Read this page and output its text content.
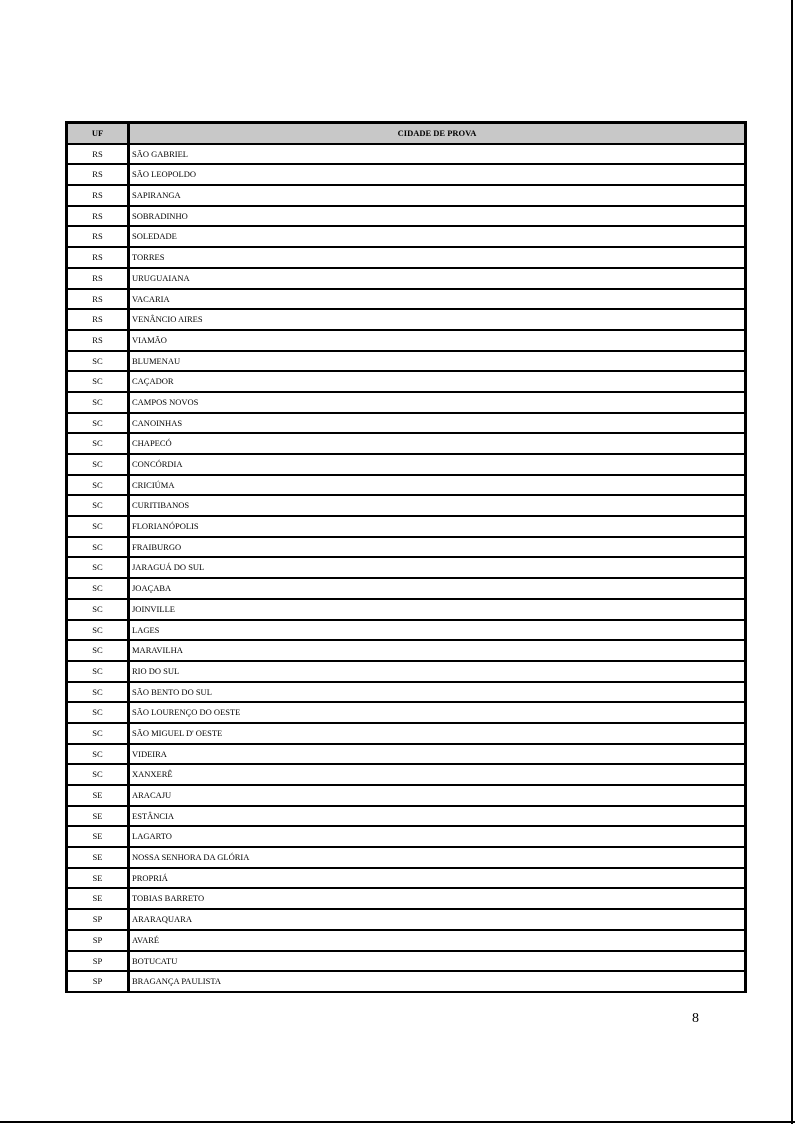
UF	CIDADE DE PROVA
RS	SÃO GABRIEL
RS	SÃO LEOPOLDO
RS	SAPIRANGA
RS	SOBRADINHO
RS	SOLEDADE
RS	TORRES
RS	URUGUAIANA
RS	VACARIA
RS	VENÂNCIO AIRES
RS	VIAMÃO
SC	BLUMENAU
SC	CAÇADOR
SC	CAMPOS NOVOS
SC	CANOINHAS
SC	CHAPECÓ
SC	CONCÓRDIA
SC	CRICIÚMA
SC	CURITIBANOS
SC	FLORIANÓPOLIS
SC	FRAIBURGO
SC	JARAGUÁ DO SUL
SC	JOAÇABA
SC	JOINVILLE
SC	LAGES
SC	MARAVILHA
SC	RIO DO SUL
SC	SÃO BENTO DO SUL
SC	SÃO LOURENÇO DO OESTE
SC	SÃO MIGUEL D' OESTE
SC	VIDEIRA
SC	XANXERÊ
SE	ARACAJU
SE	ESTÂNCIA
SE	LAGARTO
SE	NOSSA SENHORA DA GLÓRIA
SE	PROPRIÁ
SE	TOBIAS BARRETO
SP	ARARAQUARA
SP	AVARÉ
SP	BOTUCATU
SP	BRAGANÇA PAULISTA
8
